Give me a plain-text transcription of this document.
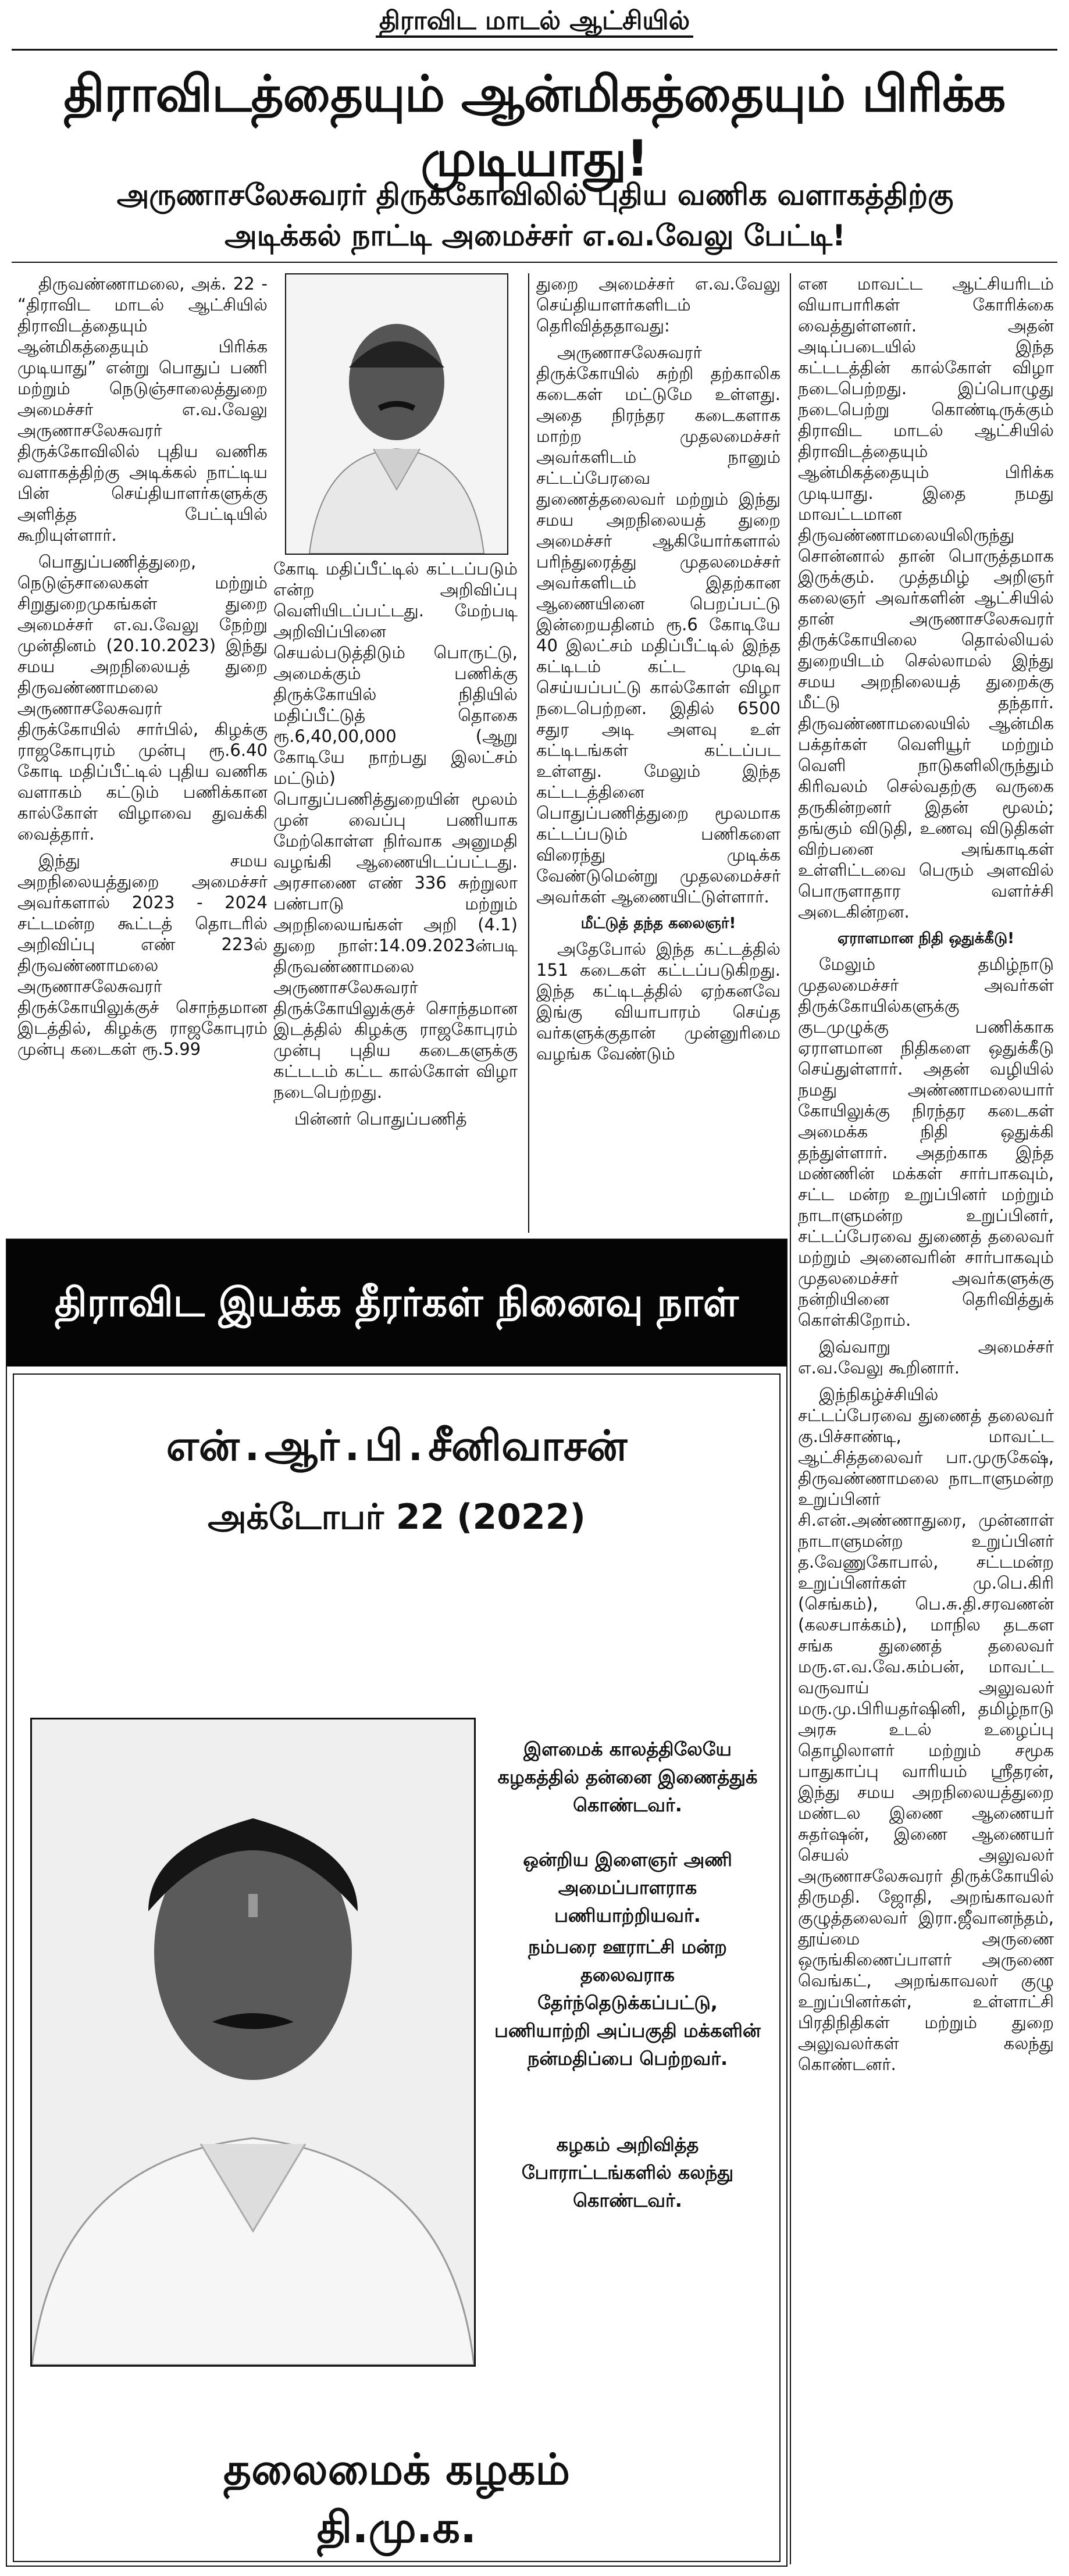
திராவிட மாடல் ஆட்சியில்
திராவிடத்தையும் ஆன்மிகத்தையும் பிரிக்க முடியாது!
அருணாசலேசுவரர் திருக்கோவிலில் புதிய வணிக வளாகத்திற்கு
அடிக்கல் நாட்டி அமைச்சர் எ.வ.வேலு பேட்டி!

திருவண்ணாமலை, அக். 22 - “திராவிட மாடல் ஆட்சியில் திராவிடத்தையும் ஆன்மிகத்தையும் பிரிக்க முடியாது” என்று பொதுப் பணி மற்றும் நெடுஞ்சாலைத்துறை அமைச்சர் எ.வ.வேலு அருணாசலேசுவரர் திருக்கோவிலில் புதிய வணிக வளாகத்திற்கு அடிக்கல் நாட்டிய பின் செய்தியாளர்களுக்கு அளித்த பேட்டியில் கூறியுள்ளார்.

பொதுப்பணித்துறை, நெடுஞ்சாலைகள் மற்றும் சிறுதுறைமுகங்கள் துறை அமைச்சர் எ.வ.வேலு நேற்று முன்தினம் (20.10.2023) இந்து சமய அறநிலையத் துறை திருவண்ணாமலை அருணாசலேசுவரர் திருக்கோயில் சார்பில், கிழக்கு ராஜகோபுரம் முன்பு ரூ.6.40 கோடி மதிப்பீட்டில் புதிய வணிக வளாகம் கட்டும் பணிக்கான கால்கோள் விழாவை துவக்கி வைத்தார்.

இந்து சமய அறநிலையத்துறை அமைச்சர் அவர்களால் 2023 - 2024 சட்டமன்ற கூட்டத் தொடரில் அறிவிப்பு எண் 223ல் திருவண்ணாமலை அருணாசலேசுவரர் திருக்கோயிலுக்குச் சொந்தமான இடத்தில், கிழக்கு ராஜகோபுரம் முன்பு கடைகள் ரூ.5.99

கோடி மதிப்பீட்டில் கட்டப்படும் என்ற அறிவிப்பு வெளியிடப்பட்டது. மேற்படி அறிவிப்பினை செயல்படுத்திடும் பொருட்டு, அமைக்கும் பணிக்கு திருக்கோயில் நிதியில் மதிப்பீட்டுத் தொகை ரூ.6,40,00,000 (ஆறு கோடியே நாற்பது இலட்சம் மட்டும்) பொதுப்பணித்துறையின் மூலம் முன் வைப்பு பணியாக மேற்கொள்ள நிர்வாக அனுமதி வழங்கி ஆணையிடப்பட்டது. அரசாணை எண் 336 சுற்றுலா பண்பாடு மற்றும் அறநிலையங்கள் அறி (4.1) துறை நாள்:14.09.2023ன்படி திருவண்ணாமலை அருணாசலேசுவரர் திருக்கோயிலுக்குச் சொந்தமான இடத்தில் கிழக்கு ராஜகோபுரம் முன்பு புதிய கடைகளுக்கு கட்டடம் கட்ட கால்கோள் விழா நடைபெற்றது.

பின்னர் பொதுப்பணித்

துறை அமைச்சர் எ.வ.வேலு செய்தியாளர்களிடம் தெரிவித்ததாவது:

அருணாசலேசுவரர் திருக்கோயில் சுற்றி தற்காலிக கடைகள் மட்டுமே உள்ளது. அதை நிரந்தர கடைகளாக மாற்ற முதலமைச்சர் அவர்களிடம் நானும் சட்டப்பேரவை துணைத்தலைவர் மற்றும் இந்து சமய அறநிலையத் துறை அமைச்சர் ஆகியோர்களால் பரிந்துரைத்து முதலமைச்சர் அவர்களிடம் இதற்கான ஆணையினை பெறப்பட்டு இன்றையதினம் ரூ.6 கோடியே 40 இலட்சம் மதிப்பீட்டில் இந்த கட்டிடம் கட்ட முடிவு செய்யப்பட்டு கால்கோள் விழா நடைபெற்றன. இதில் 6500 சதுர அடி அளவு உள் கட்டிடங்கள் கட்டப்பட உள்ளது. மேலும் இந்த கட்டடத்தினை பொதுப்பணித்துறை மூலமாக கட்டப்படும் பணிகளை விரைந்து முடிக்க வேண்டுமென்று முதலமைச்சர் அவர்கள் ஆணையிட்டுள்ளார்.

மீட்டுத் தந்த கலைஞர்!

அதேபோல் இந்த கட்டத்தில் 151 கடைகள் கட்டப்படுகிறது. இந்த கட்டிடத்தில் ஏற்கனவே இங்கு வியாபாரம் செய்த வர்களுக்குதான் முன்னுரிமை வழங்க வேண்டும்

என மாவட்ட ஆட்சியரிடம் வியாபாரிகள் கோரிக்கை வைத்துள்ளனர். அதன் அடிப்படையில் இந்த கட்டடத்தின் கால்கோள் விழா நடைபெற்றது. இப்பொழுது நடைபெற்று கொண்டிருக்கும் திராவிட மாடல் ஆட்சியில் திராவிடத்தையும் ஆன்மிகத்தையும் பிரிக்க முடியாது. இதை நமது மாவட்டமான திருவண்ணாமலையிலிருந்து சொன்னால் தான் பொருத்தமாக இருக்கும். முத்தமிழ் அறிஞர் கலைஞர் அவர்களின் ஆட்சியில் தான் அருணாசலேசுவரர் திருக்கோயிலை தொல்லியல் துறையிடம் செல்லாமல் இந்து சமய அறநிலையத் துறைக்கு மீட்டு தந்தார். திருவண்ணாமலையில் ஆன்மிக பக்தர்கள் வெளியூர் மற்றும் வெளி நாடுகளிலிருந்தும் கிரிவலம் செல்வதற்கு வருகை தருகின்றனர் இதன் மூலம்; தங்கும் விடுதி, உணவு விடுதிகள் விற்பனை அங்காடிகள் உள்ளிட்டவை பெரும் அளவில் பொருளாதார வளர்ச்சி அடைகின்றன.

ஏராளமான நிதி ஒதுக்கீடு!

மேலும் தமிழ்நாடு முதலமைச்சர் அவர்கள் திருக்கோயில்களுக்கு குடமுழுக்கு பணிக்காக ஏராளமான நிதிகளை ஒதுக்கீடு செய்துள்ளார். அதன் வழியில் நமது அண்ணாமலையார் கோயிலுக்கு நிரந்தர கடைகள் அமைக்க நிதி ஒதுக்கி தந்துள்ளார். அதற்காக இந்த மண்ணின் மக்கள் சார்பாகவும், சட்ட மன்ற உறுப்பினர் மற்றும் நாடாளுமன்ற உறுப்பினர், சட்டப்பேரவை துணைத் தலைவர் மற்றும் அனைவரின் சார்பாகவும் முதலமைச்சர் அவர்களுக்கு நன்றியினை தெரிவித்துக் கொள்கிறோம்.

இவ்வாறு அமைச்சர் எ.வ.வேலு கூறினார்.

இந்நிகழ்ச்சியில் சட்டப்பேரவை துணைத் தலைவர் கு.பிச்சாண்டி, மாவட்ட ஆட்சித்தலைவர் பா.முருகேஷ், திருவண்ணாமலை நாடாளுமன்ற உறுப்பினர் சி.என்.அண்ணாதுரை, முன்னாள் நாடாளுமன்ற உறுப்பினர் த.வேணுகோபால், சட்டமன்ற உறுப்பினர்கள் மு.பெ.கிரி (செங்கம்), பெ.சு.தி.சரவணன் (கலசபாக்கம்), மாநில தடகள சங்க துணைத் தலைவர் மரு.எ.வ.வே.கம்பன், மாவட்ட வருவாய் அலுவலர் மரு.மு.பிரியதர்ஷினி, தமிழ்நாடு அரசு உடல் உழைப்பு தொழிலாளர் மற்றும் சமூக பாதுகாப்பு வாரியம் ஸ்ரீதரன், இந்து சமய அறநிலையத்துறை மண்டல இணை ஆணையர் சுதர்ஷன், இணை ஆணையர் செயல் அலுவலர் அருணாசலேசுவரர் திருக்கோயில் திருமதி. ஜோதி, அறங்காவலர் குழுத்தலைவர் இரா.ஜீவானந்தம், தூய்மை அருணை ஒருங்கிணைப்பாளர் அருணை வெங்கட், அறங்காவலர் குழு உறுப்பினர்கள், உள்ளாட்சி பிரதிநிதிகள் மற்றும் துறை அலுவலர்கள் கலந்து கொண்டனர்.

திராவிட இயக்க தீரர்கள் நினைவு நாள்
என்.ஆர்.பி.சீனிவாசன்
அக்டோபர் 22 (2022)
இளமைக் காலத்திலேயே கழகத்தில் தன்னை இணைத்துக் கொண்டவர்.
ஒன்றிய இளைஞர் அணி அமைப்பாளராக பணியாற்றியவர்.
நம்பரை ஊராட்சி மன்ற தலைவராக தேர்ந்தெடுக்கப்பட்டு, பணியாற்றி அப்பகுதி மக்களின் நன்மதிப்பை பெற்றவர்.
கழகம் அறிவித்த போராட்டங்களில் கலந்து கொண்டவர்.
தலைமைக் கழகம்
தி.மு.க.
